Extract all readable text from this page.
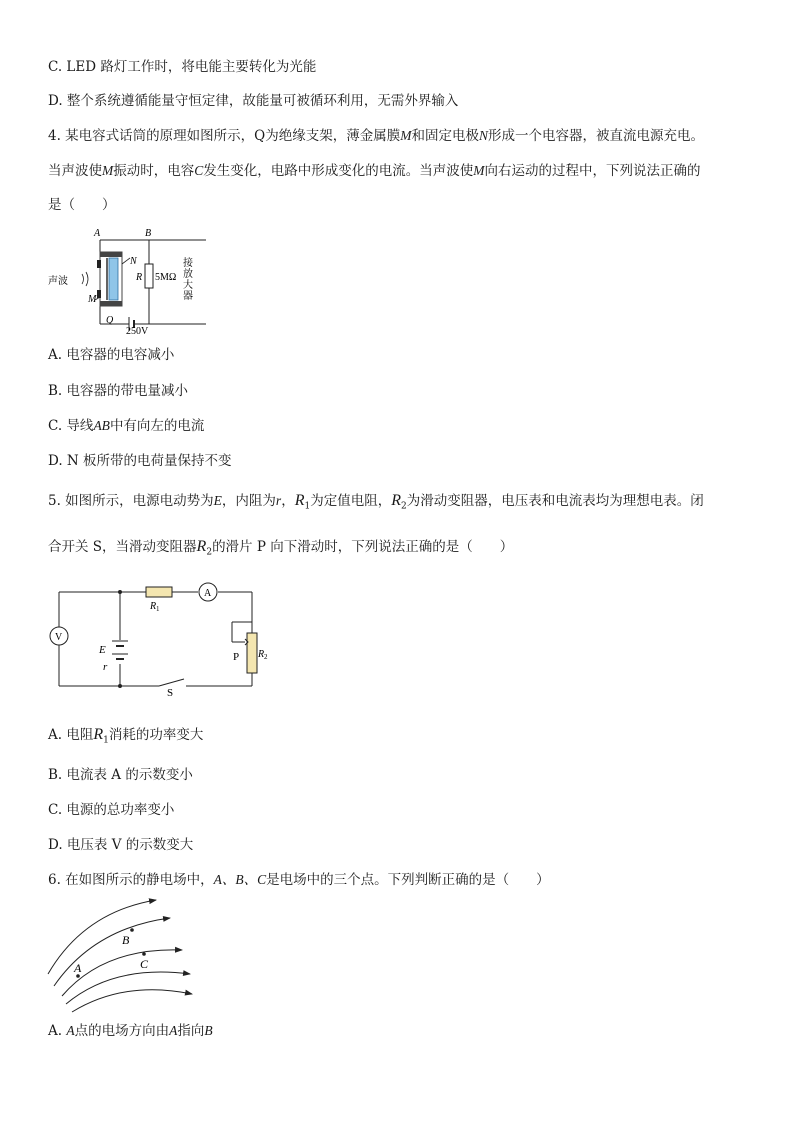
C. LED 路灯工作时，将电能主要转化为光能
D. 整个系统遵循能量守恒定律，故能量可被循环利用，无需外界输入
4. 某电容式话筒的原理如图所示，Q为绝缘支架，薄金属膜M和固定电极N形成一个电容器，被直流电源充电。
当声波使M振动时，电容C发生变化，电路中形成变化的电流。当声波使M向右运动的过程中，下列说法正确的
是（　　）
A	B
N
M
Q
R 5MΩ
250V
声波
接
放
大
器
A. 电容器的电容减小
B. 电容器的带电量减小
C. 导线AB中有向左的电流
D. N 板所带的电荷量保持不变
5. 如图所示，电源电动势为E，内阻为r，$R_1$为定值电阻，$R_2$为滑动变阻器，电压表和电流表均为理想电表。闭
合开关 S，当滑动变阻器$R_2$的滑片 P 向下滑动时，下列说法正确的是（　　）
V
A
R 1
R 2
E
r
P
S
A. 电阻$R_1$消耗的功率变大
B. 电流表 A 的示数变小
C. 电源的总功率变小
D. 电压表 V 的示数变大
6. 在如图所示的静电场中，A、B、C是电场中的三个点。下列判断正确的是（　　）
B
A	C
A. A点的电场方向由A指向B
